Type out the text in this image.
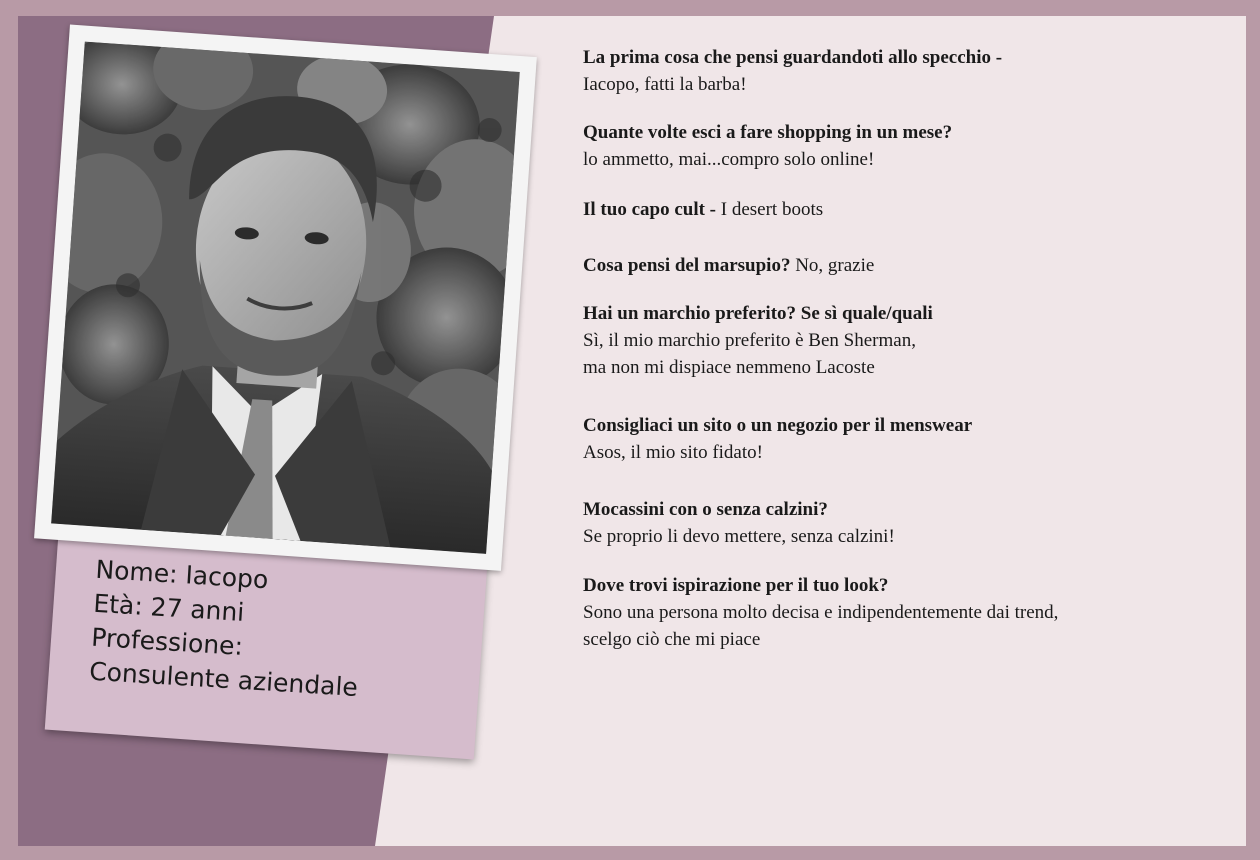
Nome: Iacopo
Età: 27 anni
Professione:
Consulente aziendale
La prima cosa che pensi guardandoti allo specchio -
Iacopo, fatti la barba!
Quante volte esci a fare shopping in un mese?
lo ammetto, mai...compro solo online!
Il tuo capo cult - I desert boots
Cosa pensi del marsupio? No, grazie
Hai un marchio preferito? Se sì quale/quali
Sì, il mio marchio preferito è Ben Sherman,
ma non mi dispiace nemmeno Lacoste
Consigliaci un sito o un negozio per il menswear
Asos, il mio sito fidato!
Mocassini con o senza calzini?
Se proprio li devo mettere, senza calzini!
Dove trovi ispirazione per il tuo look?
Sono una persona molto decisa e indipendentemente dai trend,
scelgo ciò che mi piace
